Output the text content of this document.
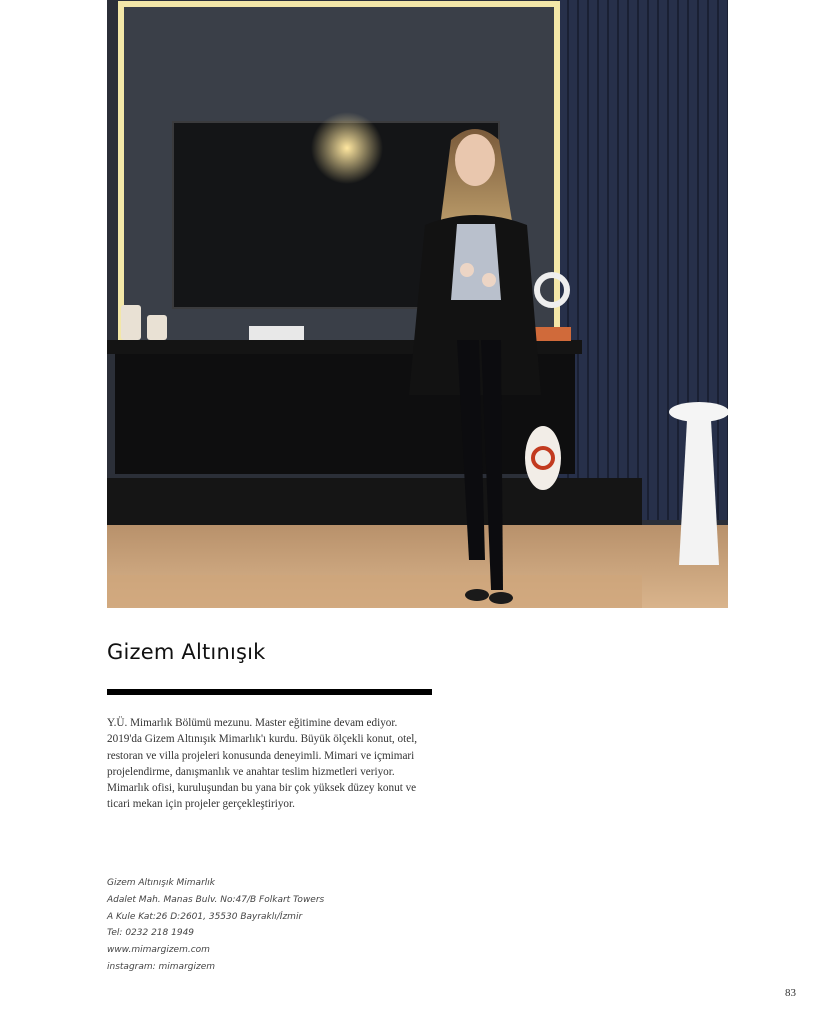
Gizem Altınışık

Y.Ü. Mimarlık Bölümü mezunu. Master eğitimine devam ediyor. 2019'da Gizem Altınışık Mimarlık'ı kurdu. Büyük ölçekli konut, otel, restoran ve villa projeleri konusunda deneyimli. Mimari ve içmimari projelendirme, danışmanlık ve anahtar teslim hizmetleri veriyor. Mimarlık ofisi, kuruluşundan bu yana bir çok yüksek düzey konut ve ticari mekan için projeler gerçekleştiriyor.

Gizem Altınışık Mimarlık
Adalet Mah. Manas Bulv. No:47/B Folkart Towers
A Kule Kat:26 D:2601, 35530 Bayraklı/İzmir
Tel: 0232 218 1949
www.mimargizem.com
instagram: mimargizem
83
